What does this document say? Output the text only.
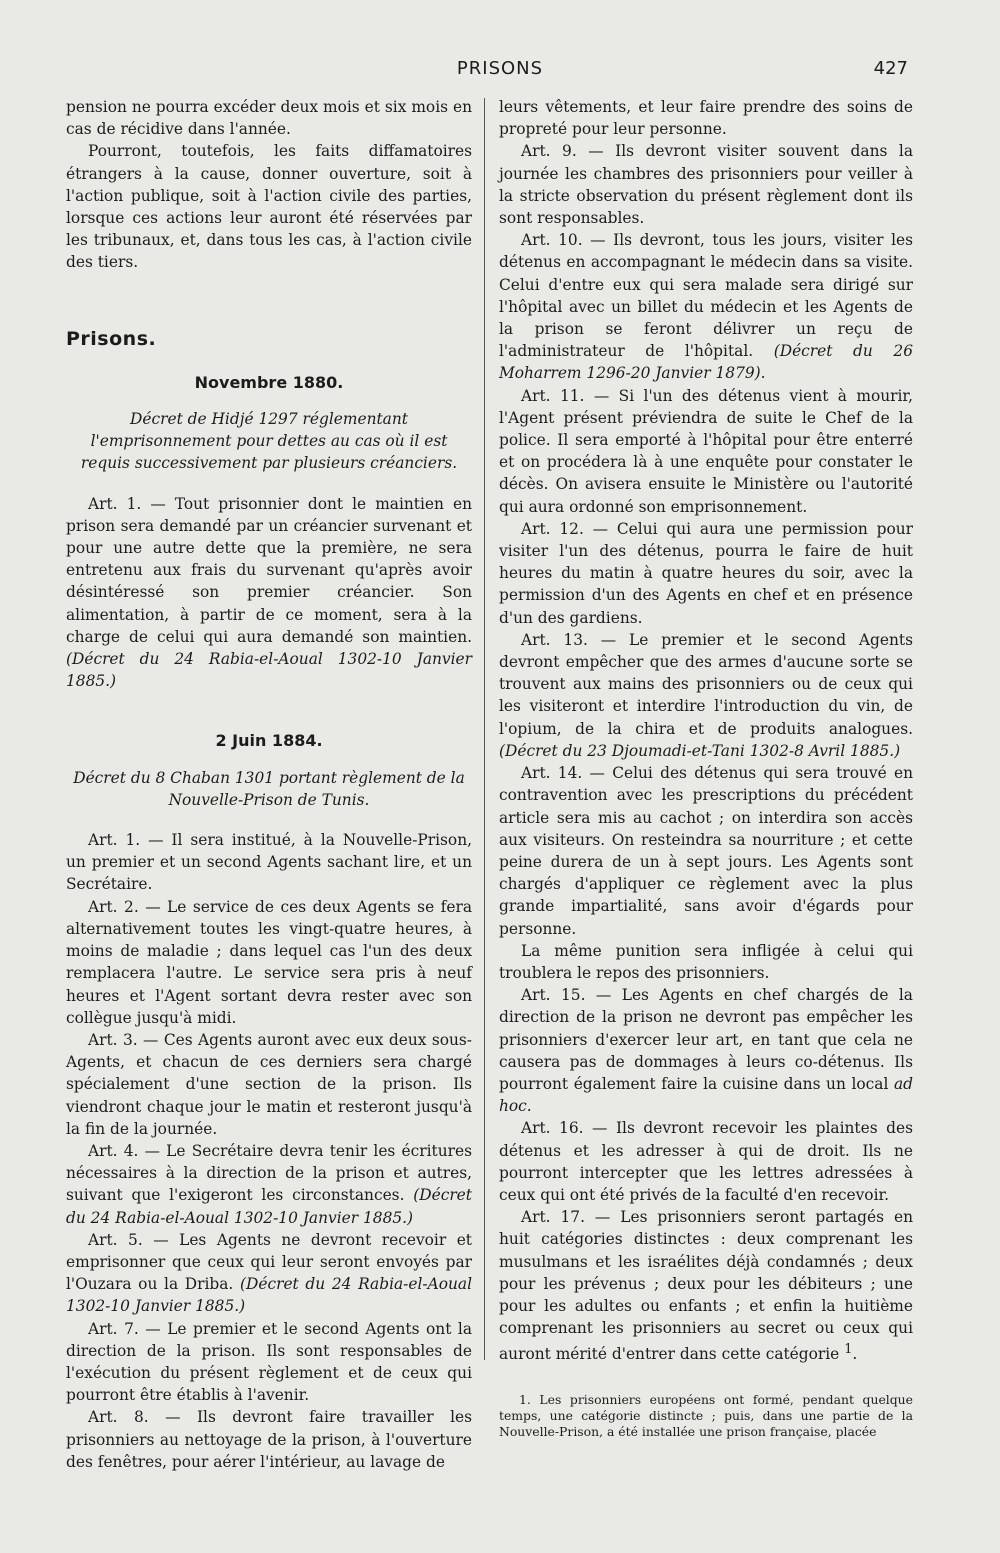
PRISONS	427

pension ne pourra excéder deux mois et six mois en cas de récidive dans l'année.

Pourront, toutefois, les faits diffamatoires étrangers à la cause, donner ouverture, soit à l'action publique, soit à l'action civile des parties, lorsque ces actions leur auront été réservées par les tribunaux, et, dans tous les cas, à l'action civile des tiers.

Prisons.
Novembre 1880.

Décret de Hidjé 1297 réglementant l'emprisonnement pour dettes au cas où il est requis successivement par plusieurs créanciers.

Art. 1. — Tout prisonnier dont le maintien en prison sera demandé par un créancier survenant et pour une autre dette que la première, ne sera entretenu aux frais du survenant qu'après avoir désintéressé son premier créancier. Son alimentation, à partir de ce moment, sera à la charge de celui qui aura demandé son maintien. (Décret du 24 Rabia-el-Aoual 1302-10 Janvier 1885.)

2 Juin 1884.

Décret du 8 Chaban 1301 portant règlement de la Nouvelle-Prison de Tunis.

Art. 1. — Il sera institué, à la Nouvelle-Prison, un premier et un second Agents sachant lire, et un Secrétaire.

Art. 2. — Le service de ces deux Agents se fera alternativement toutes les vingt-quatre heures, à moins de maladie ; dans lequel cas l'un des deux remplacera l'autre. Le service sera pris à neuf heures et l'Agent sortant devra rester avec son collègue jusqu'à midi.

Art. 3. — Ces Agents auront avec eux deux sous-Agents, et chacun de ces derniers sera chargé spécialement d'une section de la prison. Ils viendront chaque jour le matin et resteront jusqu'à la fin de la journée.

Art. 4. — Le Secrétaire devra tenir les écritures nécessaires à la direction de la prison et autres, suivant que l'exigeront les circonstances. (Décret du 24 Rabia-el-Aoual 1302-10 Janvier 1885.)

Art. 5. — Les Agents ne devront recevoir et emprisonner que ceux qui leur seront envoyés par l'Ouzara ou la Driba. (Décret du 24 Rabia-el-Aoual 1302-10 Janvier 1885.)

Art. 7. — Le premier et le second Agents ont la direction de la prison. Ils sont responsables de l'exécution du présent règlement et de ceux qui pourront être établis à l'avenir.

Art. 8. — Ils devront faire travailler les prisonniers au nettoyage de la prison, à l'ouverture des fenêtres, pour aérer l'intérieur, au lavage de

leurs vêtements, et leur faire prendre des soins de propreté pour leur personne.

Art. 9. — Ils devront visiter souvent dans la journée les chambres des prisonniers pour veiller à la stricte observation du présent règlement dont ils sont responsables.

Art. 10. — Ils devront, tous les jours, visiter les détenus en accompagnant le médecin dans sa visite. Celui d'entre eux qui sera malade sera dirigé sur l'hôpital avec un billet du médecin et les Agents de la prison se feront délivrer un reçu de l'administrateur de l'hôpital. (Décret du 26 Moharrem 1296-20 Janvier 1879).

Art. 11. — Si l'un des détenus vient à mourir, l'Agent présent préviendra de suite le Chef de la police. Il sera emporté à l'hôpital pour être enterré et on procédera là à une enquête pour constater le décès. On avisera ensuite le Ministère ou l'autorité qui aura ordonné son emprisonnement.

Art. 12. — Celui qui aura une permission pour visiter l'un des détenus, pourra le faire de huit heures du matin à quatre heures du soir, avec la permission d'un des Agents en chef et en présence d'un des gardiens.

Art. 13. — Le premier et le second Agents devront empêcher que des armes d'aucune sorte se trouvent aux mains des prisonniers ou de ceux qui les visiteront et interdire l'introduction du vin, de l'opium, de la chira et de produits analogues. (Décret du 23 Djoumadi-et-Tani 1302-8 Avril 1885.)

Art. 14. — Celui des détenus qui sera trouvé en contravention avec les prescriptions du précédent article sera mis au cachot ; on interdira son accès aux visiteurs. On resteindra sa nourriture ; et cette peine durera de un à sept jours. Les Agents sont chargés d'appliquer ce règlement avec la plus grande impartialité, sans avoir d'égards pour personne.

La même punition sera infligée à celui qui troublera le repos des prisonniers.

Art. 15. — Les Agents en chef chargés de la direction de la prison ne devront pas empêcher les prisonniers d'exercer leur art, en tant que cela ne causera pas de dommages à leurs co-détenus. Ils pourront également faire la cuisine dans un local ad hoc.

Art. 16. — Ils devront recevoir les plaintes des détenus et les adresser à qui de droit. Ils ne pourront intercepter que les lettres adressées à ceux qui ont été privés de la faculté d'en recevoir.

Art. 17. — Les prisonniers seront partagés en huit catégories distinctes : deux comprenant les musulmans et les israélites déjà condamnés ; deux pour les prévenus ; deux pour les débiteurs ; une pour les adultes ou enfants ; et enfin la huitième comprenant les prisonniers au secret ou ceux qui auront mérité d'entrer dans cette catégorie $^1$.

1. Les prisonniers européens ont formé, pendant quelque temps, une catégorie distincte ; puis, dans une partie de la Nouvelle-Prison, a été installée une prison française, placée
